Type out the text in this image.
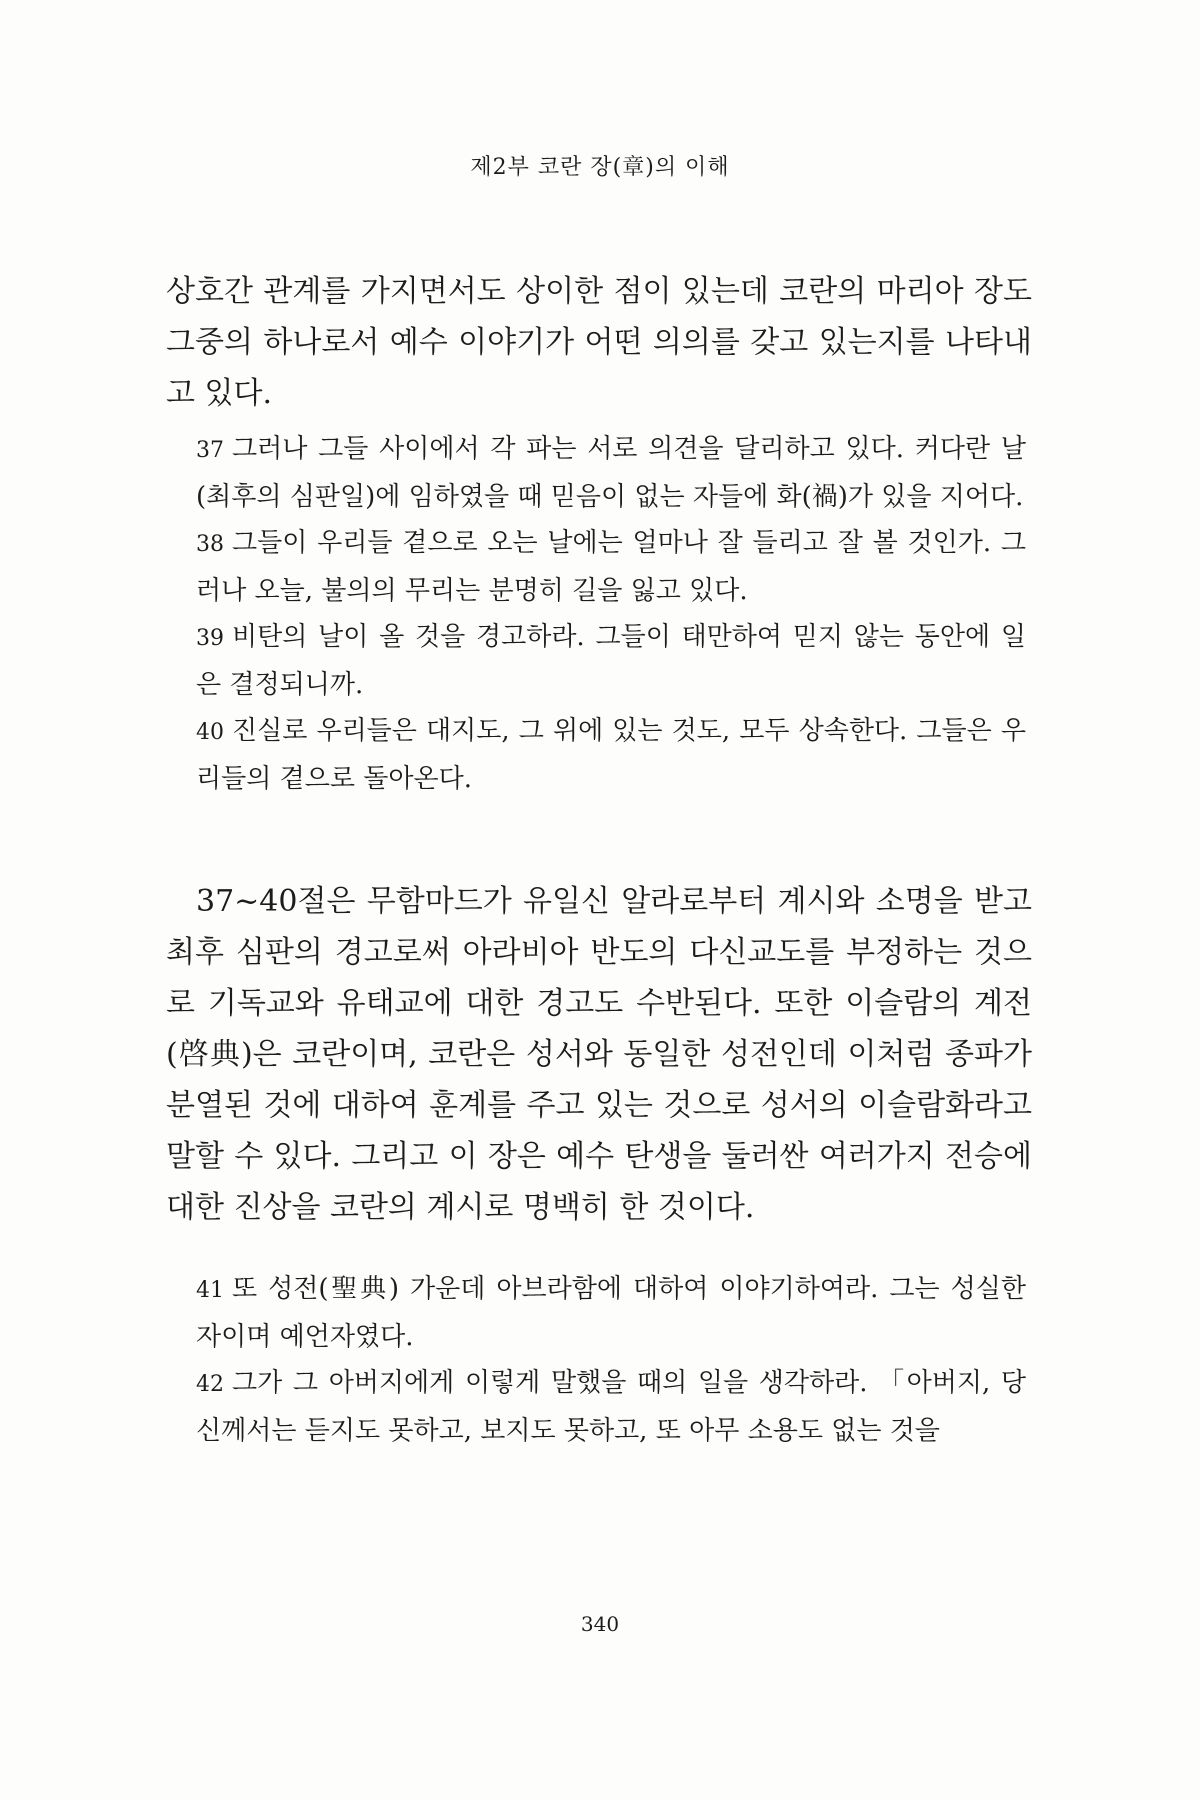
제2부 코란 장(章)의 이해

상호간 관계를 가지면서도 상이한 점이 있는데 코란의 마리아 장도 그중의 하나로서 예수 이야기가 어떤 의의를 갖고 있는지를 나타내고 있다.

37 그러나 그들 사이에서 각 파는 서로 의견을 달리하고 있다. 커다란 날(최후의 심판일)에 임하였을 때 믿음이 없는 자들에 화(禍)가 있을 지어다.

38 그들이 우리들 곁으로 오는 날에는 얼마나 잘 들리고 잘 볼 것인가. 그러나 오늘, 불의의 무리는 분명히 길을 잃고 있다.

39 비탄의 날이 올 것을 경고하라. 그들이 태만하여 믿지 않는 동안에 일은 결정되니까.

40 진실로 우리들은 대지도, 그 위에 있는 것도, 모두 상속한다. 그들은 우리들의 곁으로 돌아온다.

37~40절은 무함마드가 유일신 알라로부터 계시와 소명을 받고 최후 심판의 경고로써 아라비아 반도의 다신교도를 부정하는 것으로 기독교와 유태교에 대한 경고도 수반된다. 또한 이슬람의 계전(啓典)은 코란이며, 코란은 성서와 동일한 성전인데 이처럼 종파가 분열된 것에 대하여 훈계를 주고 있는 것으로 성서의 이슬람화라고 말할 수 있다. 그리고 이 장은 예수 탄생을 둘러싼 여러가지 전승에 대한 진상을 코란의 계시로 명백히 한 것이다.

41 또 성전(聖典) 가운데 아브라함에 대하여 이야기하여라. 그는 성실한 자이며 예언자였다.

42 그가 그 아버지에게 이렇게 말했을 때의 일을 생각하라. 「아버지, 당신께서는 듣지도 못하고, 보지도 못하고, 또 아무 소용도 없는 것을

340
